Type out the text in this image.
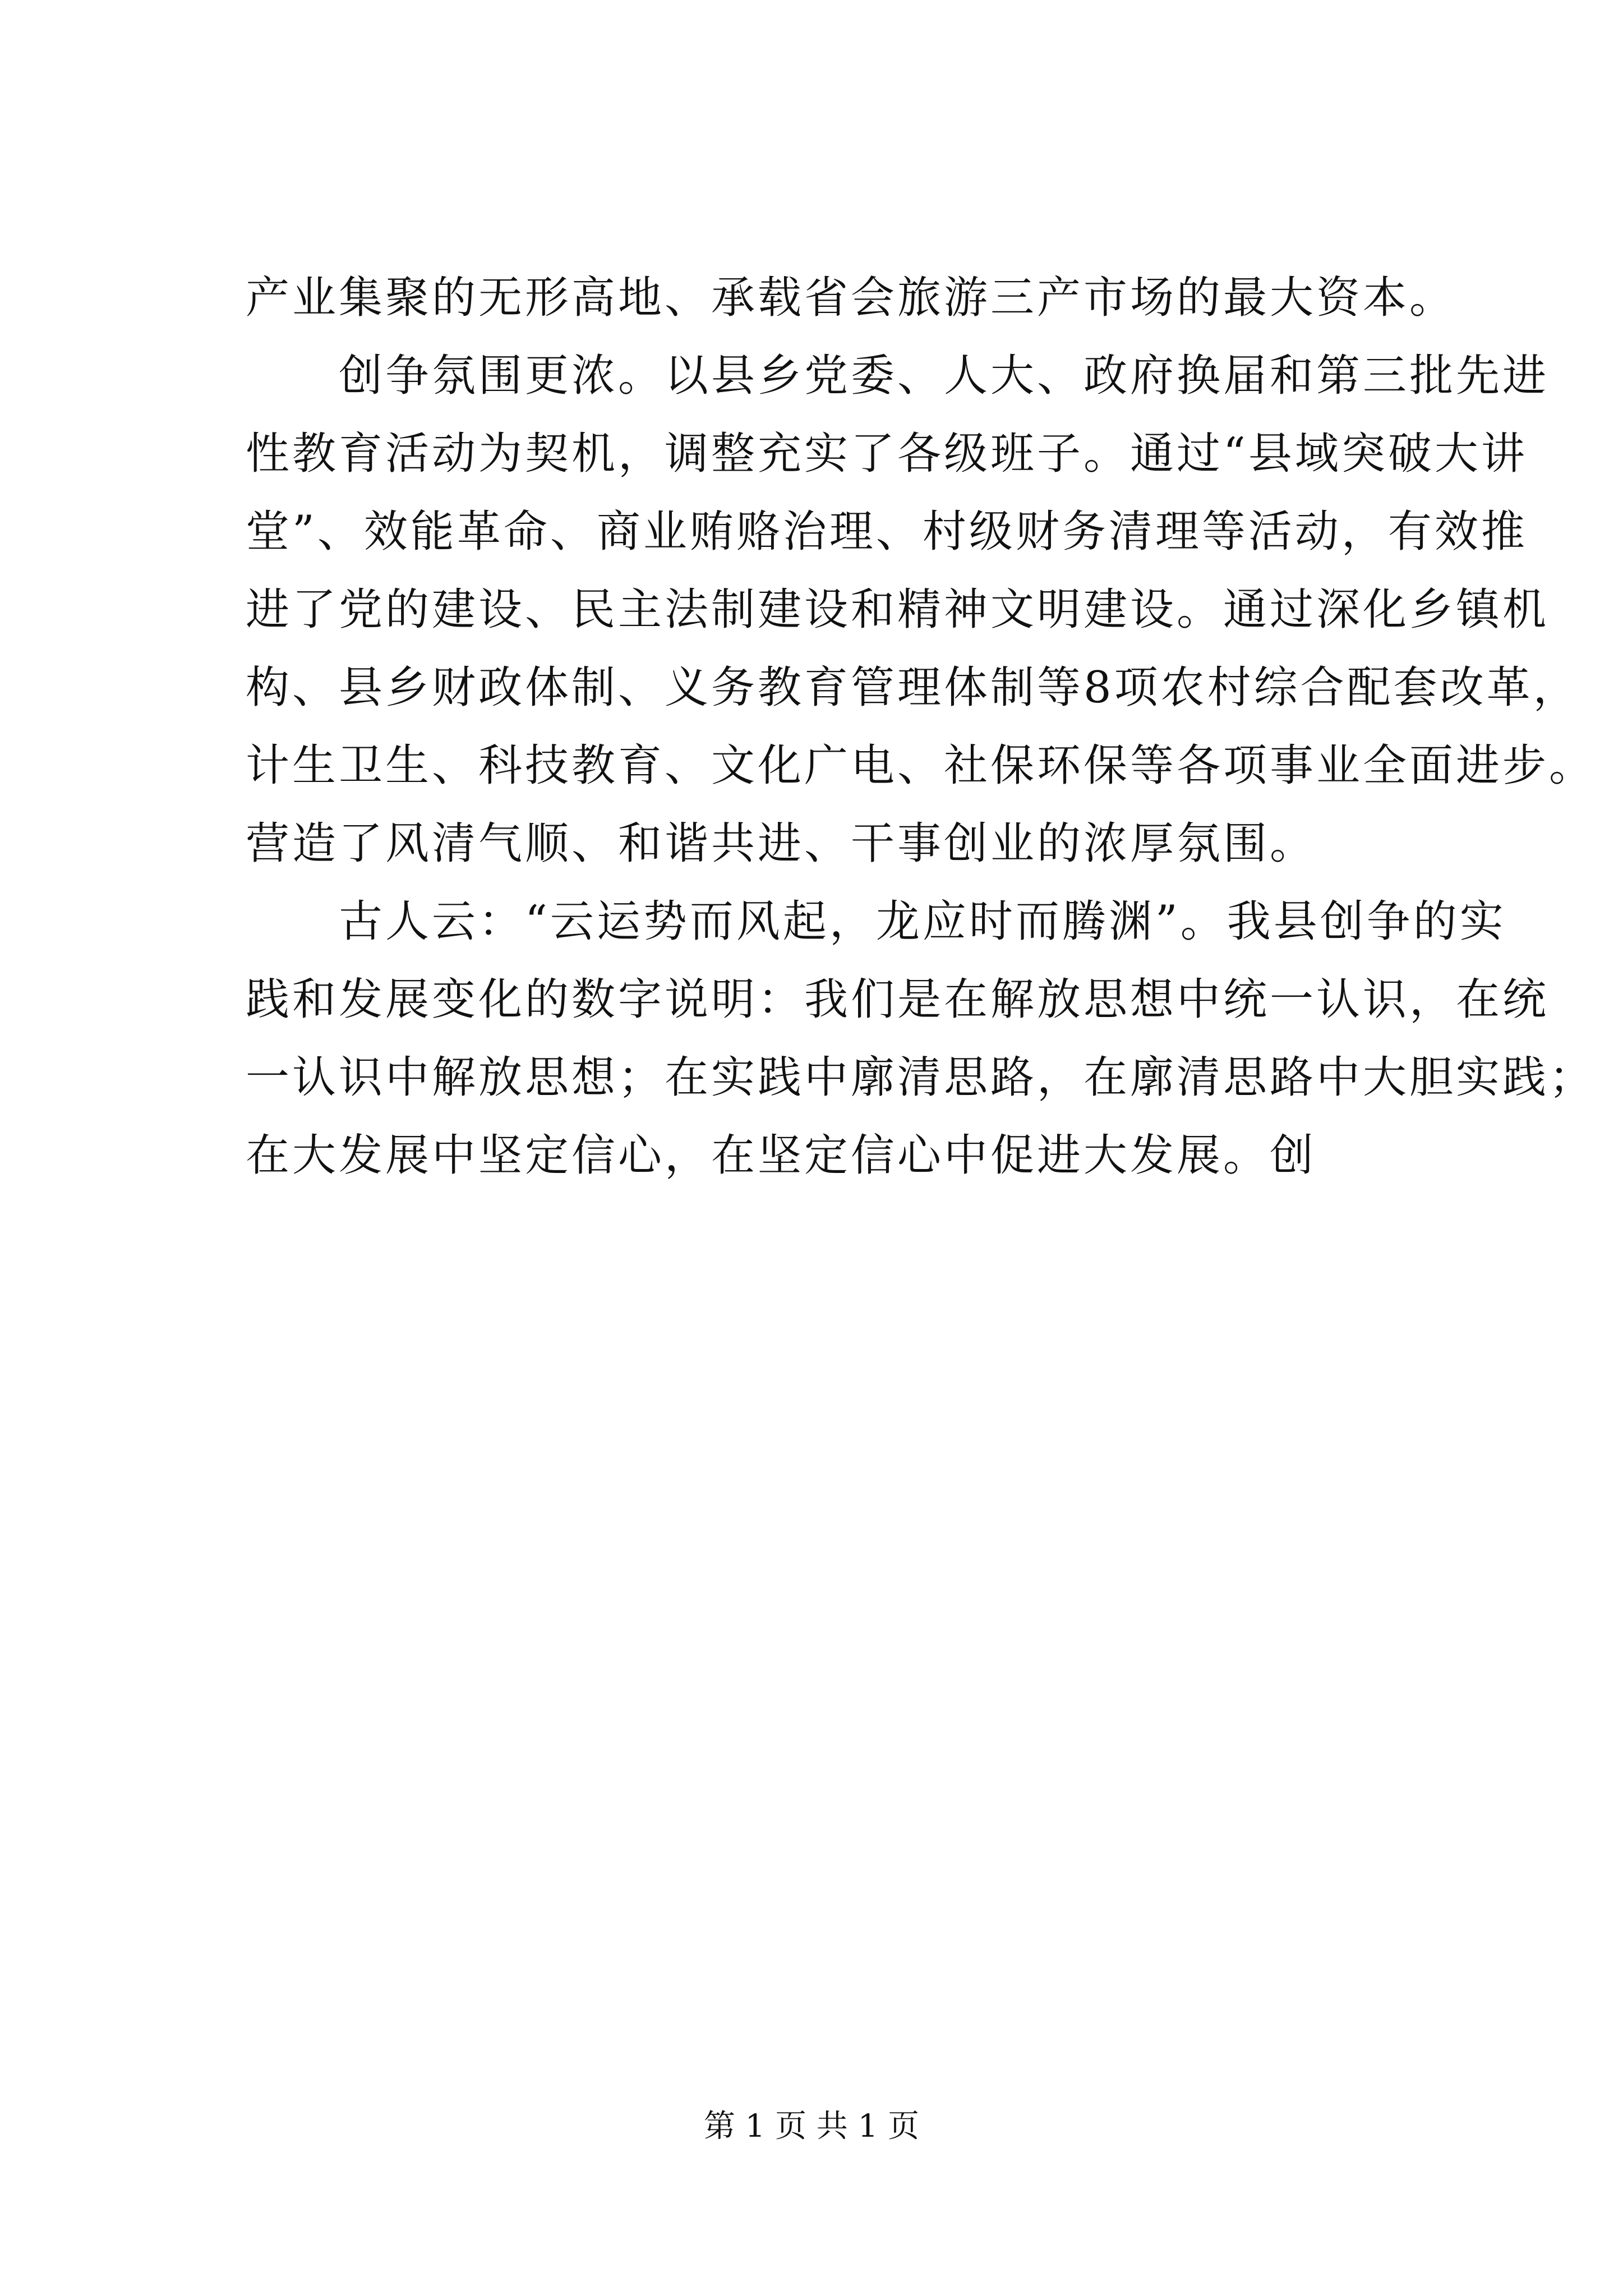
产业集聚的无形高地、承载省会旅游三产市场的最大资本。
创争氛围更浓。以县乡党委、人大、政府换届和第三批先进
性教育活动为契机，调整充实了各级班子。通过“县域突破大讲
堂”、效能革命、商业贿赂治理、村级财务清理等活动，有效推
进了党的建设、民主法制建设和精神文明建设。通过深化乡镇机
构、县乡财政体制、义务教育管理体制等8项农村综合配套改革，
计生卫生、科技教育、文化广电、社保环保等各项事业全面进步。
营造了风清气顺、和谐共进、干事创业的浓厚氛围。
古人云：“云运势而风起，龙应时而腾渊”。我县创争的实
践和发展变化的数字说明：我们是在解放思想中统一认识，在统
一认识中解放思想；在实践中廓清思路，在廓清思路中大胆实践；
在大发展中坚定信心，在坚定信心中促进大发展。创
第 1 页 共 1 页
